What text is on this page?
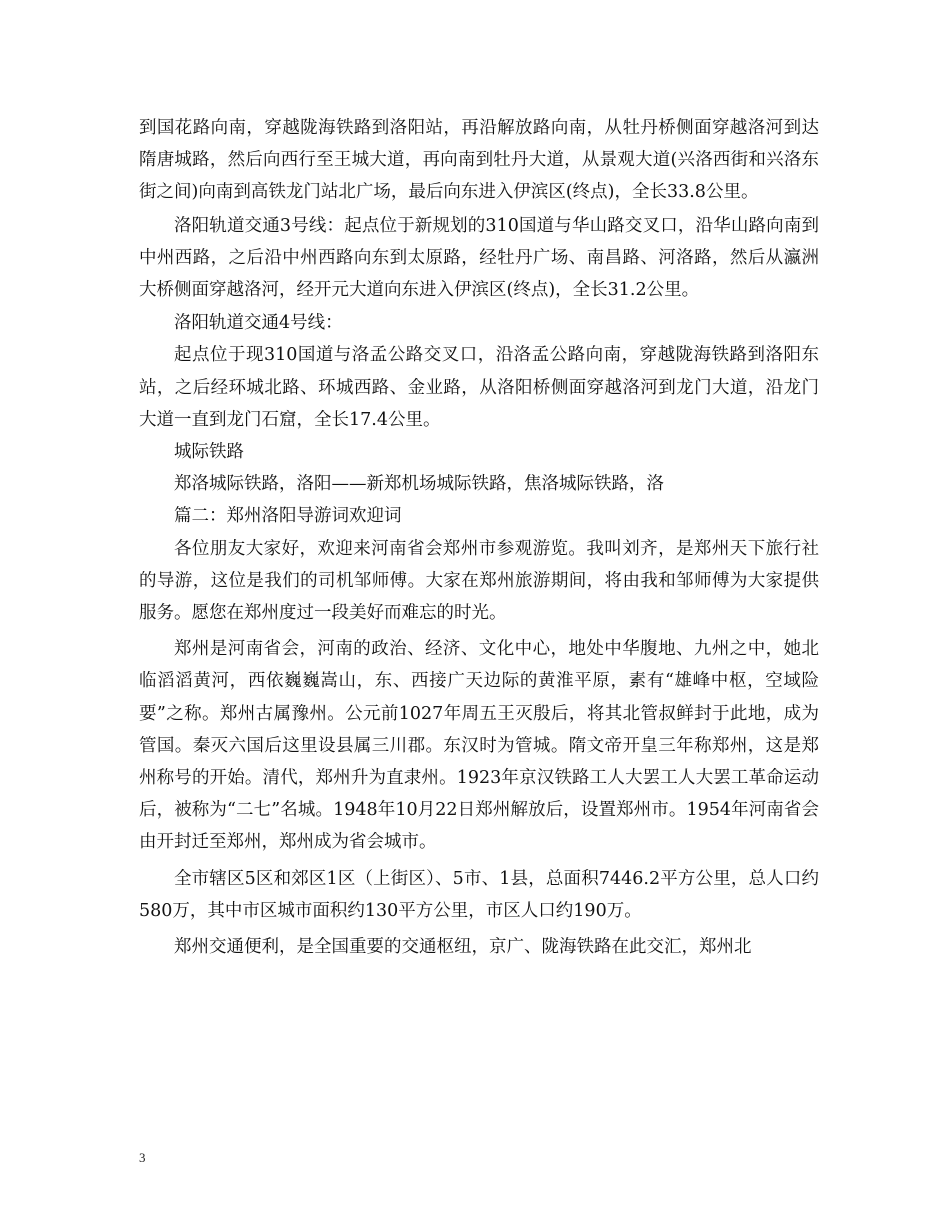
到国花路向南，穿越陇海铁路到洛阳站，再沿解放路向南，从牡丹桥侧面穿越洛河到达隋唐城路，然后向西行至王城大道，再向南到牡丹大道，从景观大道(兴洛西街和兴洛东街之间)向南到高铁龙门站北广场，最后向东进入伊滨区(终点)，全长33.8公里。

洛阳轨道交通3号线：起点位于新规划的310国道与华山路交叉口，沿华山路向南到中州西路，之后沿中州西路向东到太原路，经牡丹广场、南昌路、河洛路，然后从瀛洲大桥侧面穿越洛河，经开元大道向东进入伊滨区(终点)，全长31.2公里。

洛阳轨道交通4号线：

起点位于现310国道与洛孟公路交叉口，沿洛孟公路向南，穿越陇海铁路到洛阳东站，之后经环城北路、环城西路、金业路，从洛阳桥侧面穿越洛河到龙门大道，沿龙门大道一直到龙门石窟，全长17.4公里。

城际铁路

郑洛城际铁路，洛阳——新郑机场城际铁路，焦洛城际铁路，洛

篇二：郑州洛阳导游词欢迎词

各位朋友大家好，欢迎来河南省会郑州市参观游览。我叫刘齐，是郑州天下旅行社的导游，这位是我们的司机邹师傅。大家在郑州旅游期间，将由我和邹师傅为大家提供服务。愿您在郑州度过一段美好而难忘的时光。

郑州是河南省会，河南的政治、经济、文化中心，地处中华腹地、九州之中，她北临滔滔黄河，西依巍巍嵩山，东、西接广天边际的黄淮平原，素有“雄峰中枢，空域险要”之称。郑州古属豫州。公元前1027年周五王灭殷后，将其北管叔鲜封于此地，成为管国。秦灭六国后这里设县属三川郡。东汉时为管城。隋文帝开皇三年称郑州，这是郑州称号的开始。清代，郑州升为直隶州。1923年京汉铁路工人大罢工人大罢工革命运动后，被称为“二七”名城。1948年10月22日郑州解放后，设置郑州市。1954年河南省会由开封迁至郑州，郑州成为省会城市。

全市辖区5区和郊区1区（上街区）、5市、1县，总面积7446.2平方公里，总人口约580万，其中市区城市面积约130平方公里，市区人口约190万。

郑州交通便利，是全国重要的交通枢纽，京广、陇海铁路在此交汇，郑州北

3
